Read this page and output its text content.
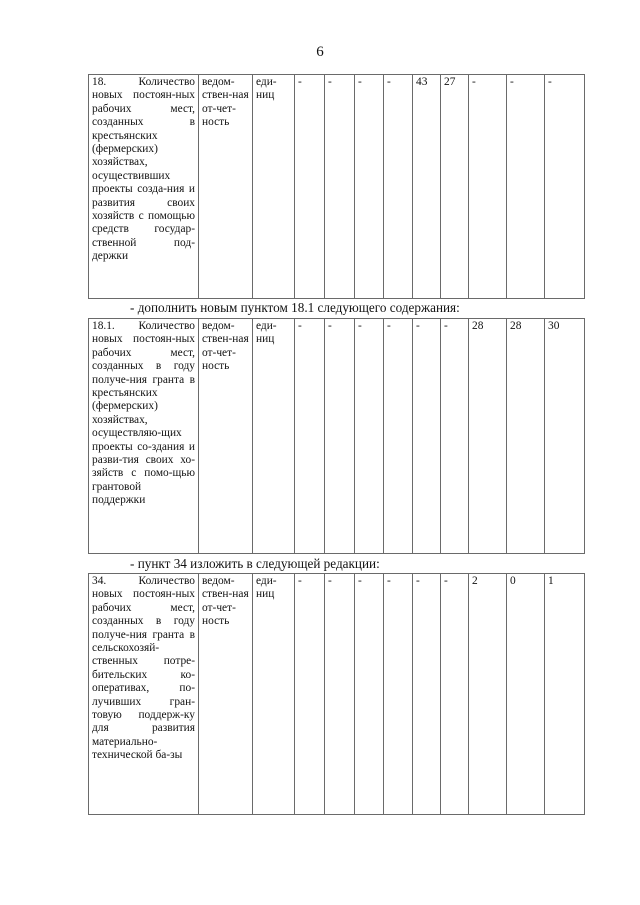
6
18. Количество новых постоян-ных рабочих мест, созданных в крестьянских (фермерских) хозяйствах, осуществивших проекты созда-ния и развития своих хозяйств с помощью средств государ-ственной под-держки	ведом-ствен-ная от-чет-ность	еди-ниц	-	-	-	-	43	27	-	-	-
- дополнить новым пунктом 18.1 следующего содержания:
18.1. Количество новых постоян-ных рабочих мест, созданных в году получе-ния гранта в крестьянских (фермерских) хозяйствах, осуществляю-щих проекты со-здания и разви-тия своих хо-зяйств с помо-щью грантовой поддержки	ведом-ствен-ная от-чет-ность	еди-ниц	-	-	-	-	-	-	28	28	30
- пункт 34 изложить в следующей редакции:
34. Количество новых постоян-ных рабочих мест, созданных в году получе-ния гранта в сельскохозяй-ственных потре-бительских ко-оперативах, по-лучивших гран-товую поддерж-ку для развития материально-технической ба-зы	ведом-ствен-ная от-чет-ность	еди-ниц	-	-	-	-	-	-	2	0	1
